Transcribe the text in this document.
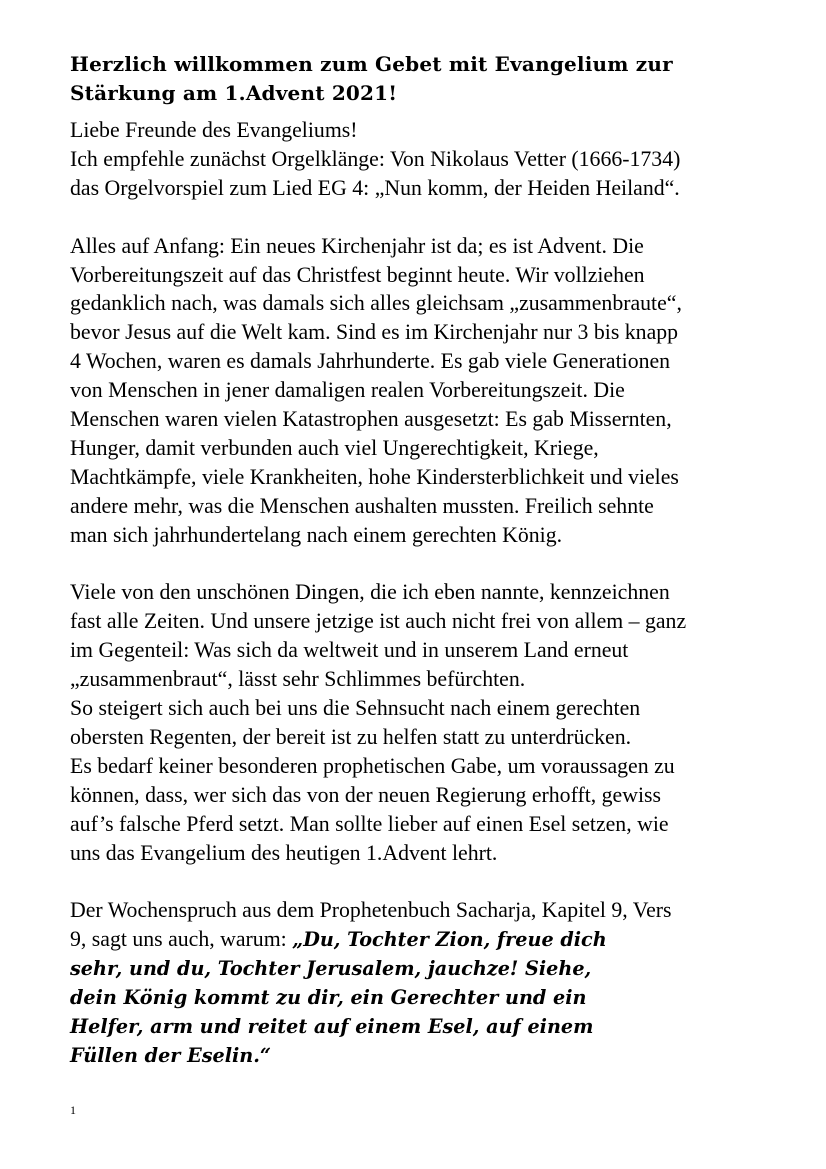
Herzlich willkommen zum Gebet mit Evangelium zur
Stärkung am 1.Advent 2021!
Liebe Freunde des Evangeliums!
Ich empfehle zunächst Orgelklänge: Von Nikolaus Vetter (1666-1734)
das Orgelvorspiel zum Lied EG 4: „Nun komm, der Heiden Heiland“.
Alles auf Anfang: Ein neues Kirchenjahr ist da; es ist Advent. Die
Vorbereitungszeit auf das Christfest beginnt heute. Wir vollziehen
gedanklich nach, was damals sich alles gleichsam „zusammenbraute“,
bevor Jesus auf die Welt kam. Sind es im Kirchenjahr nur 3 bis knapp
4 Wochen, waren es damals Jahrhunderte. Es gab viele Generationen
von Menschen in jener damaligen realen Vorbereitungszeit. Die
Menschen waren vielen Katastrophen ausgesetzt: Es gab Missernten,
Hunger, damit verbunden auch viel Ungerechtigkeit, Kriege,
Machtkämpfe, viele Krankheiten, hohe Kindersterblichkeit und vieles
andere mehr, was die Menschen aushalten mussten. Freilich sehnte
man sich jahrhundertelang nach einem gerechten König.
Viele von den unschönen Dingen, die ich eben nannte, kennzeichnen
fast alle Zeiten. Und unsere jetzige ist auch nicht frei von allem – ganz
im Gegenteil: Was sich da weltweit und in unserem Land erneut
„zusammenbraut“, lässt sehr Schlimmes befürchten.
So steigert sich auch bei uns die Sehnsucht nach einem gerechten
obersten Regenten, der bereit ist zu helfen statt zu unterdrücken.
Es bedarf keiner besonderen prophetischen Gabe, um voraussagen zu
können, dass, wer sich das von der neuen Regierung erhofft, gewiss
auf’s falsche Pferd setzt. Man sollte lieber auf einen Esel setzen, wie
uns das Evangelium des heutigen 1.Advent lehrt.
Der Wochenspruch aus dem Prophetenbuch Sacharja, Kapitel 9, Vers
9, sagt uns auch, warum: „Du, Tochter Zion, freue dich
sehr, und du, Tochter Jerusalem, jauchze! Siehe,
dein König kommt zu dir, ein Gerechter und ein
Helfer, arm und reitet auf einem Esel, auf einem
Füllen der Eselin.“
1
